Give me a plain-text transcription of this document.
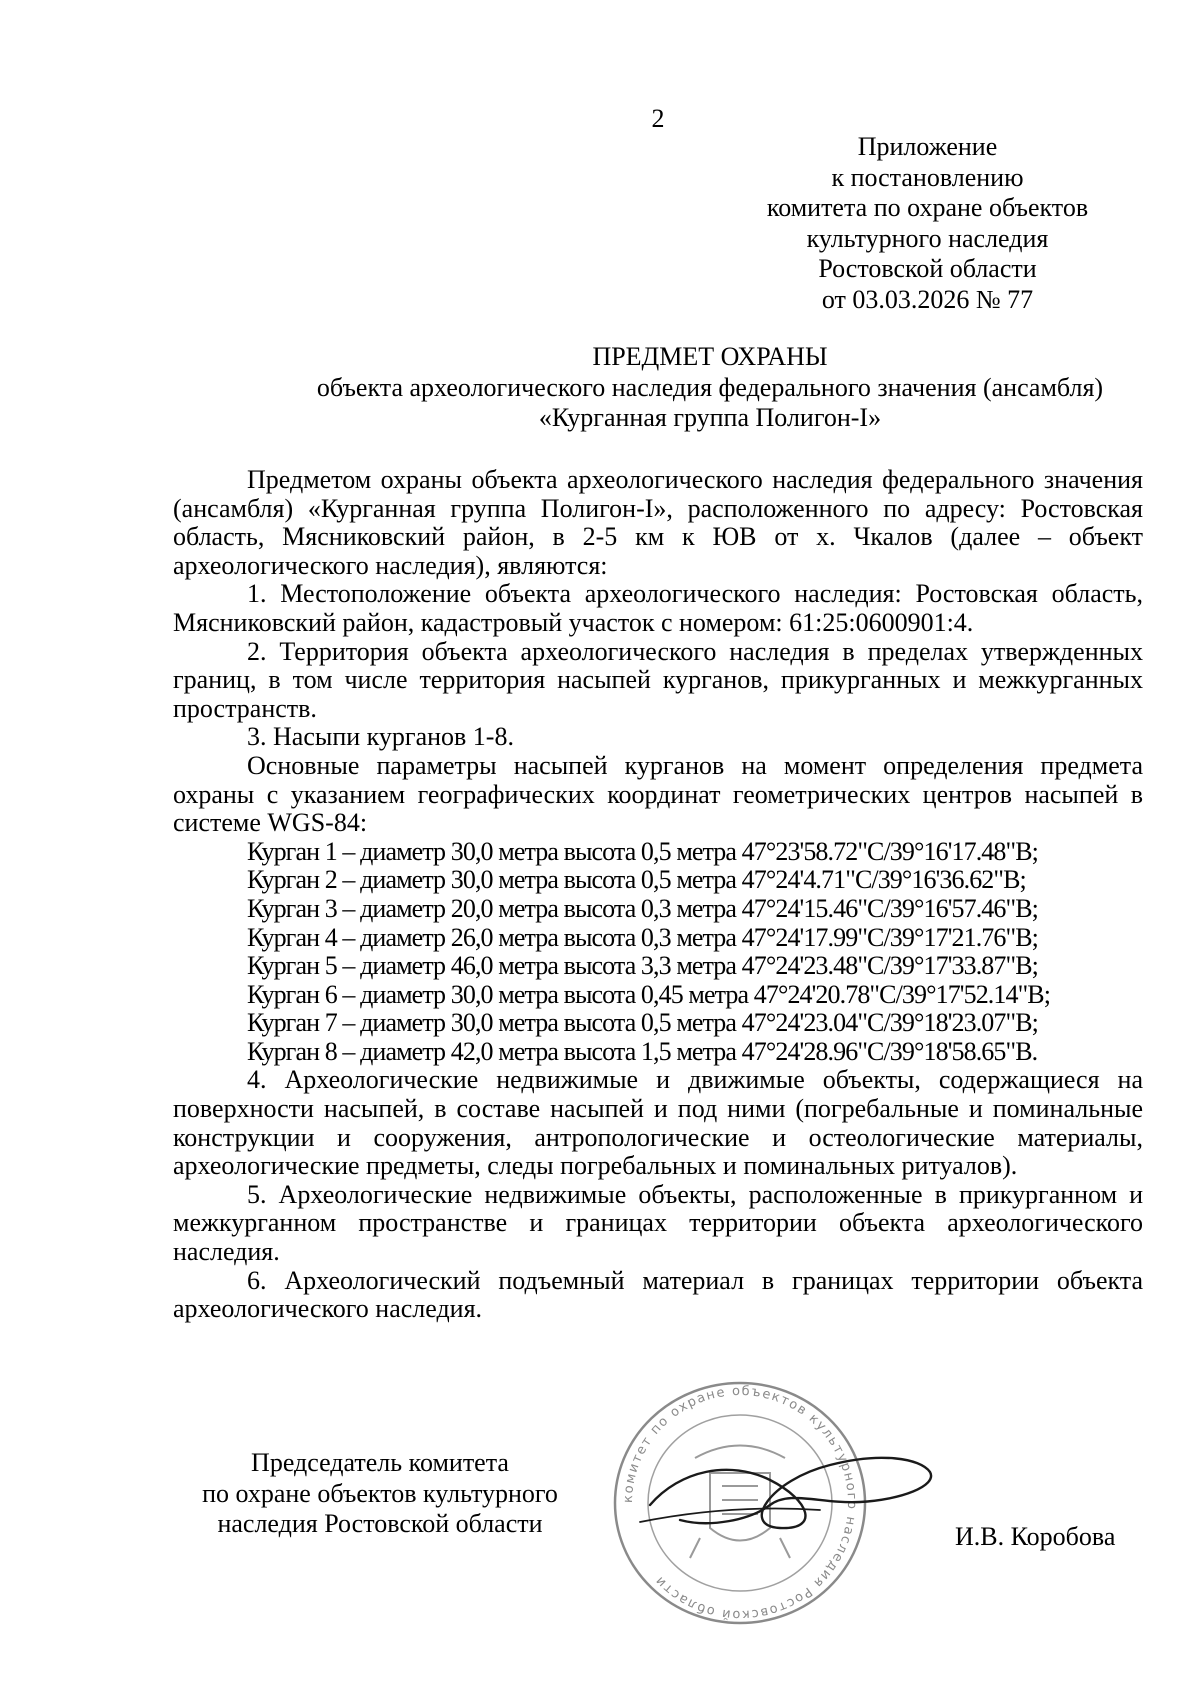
2
Приложение
к постановлению
комитета по охране объектов
культурного наследия
Ростовской области
от 03.03.2026 № 77
ПРЕДМЕТ ОХРАНЫ
объекта археологического наследия федерального значения (ансамбля)
«Курганная группа Полигон-I»

Предметом охраны объекта археологического наследия федерального значения (ансамбля) «Курганная группа Полигон-I», расположенного по адресу: Ростовская область, Мясниковский район, в 2-5 км к ЮВ от х. Чкалов (далее – объект археологического наследия), являются:

1. Местоположение объекта археологического наследия: Ростовская область, Мясниковский район, кадастровый участок с номером: 61:25:0600901:4.

2. Территория объекта археологического наследия в пределах утвержденных границ, в том числе территория насыпей курганов, прикурганных и межкурганных пространств.

3. Насыпи курганов 1-8.

Основные параметры насыпей курганов на момент определения предмета охраны с указанием географических координат геометрических центров насыпей в системе WGS-84:

Курган 1 – диаметр 30,0 метра высота 0,5 метра 47°23'58.72"С/39°16'17.48"В;

Курган 2 – диаметр 30,0 метра высота 0,5 метра 47°24'4.71"С/39°16'36.62"В;

Курган 3 – диаметр 20,0 метра высота 0,3 метра 47°24'15.46"С/39°16'57.46"В;

Курган 4 – диаметр 26,0 метра высота 0,3 метра 47°24'17.99"С/39°17'21.76"В;

Курган 5 – диаметр 46,0 метра высота 3,3 метра 47°24'23.48"С/39°17'33.87"В;

Курган 6 – диаметр 30,0 метра высота 0,45 метра 47°24'20.78"С/39°17'52.14"В;

Курган 7 – диаметр 30,0 метра высота 0,5 метра 47°24'23.04"С/39°18'23.07"В;

Курган 8 – диаметр 42,0 метра высота 1,5 метра 47°24'28.96"С/39°18'58.65"В.

4. Археологические недвижимые и движимые объекты, содержащиеся на поверхности насыпей, в составе насыпей и под ними (погребальные и поминальные конструкции и сооружения, антропологические и остеологические материалы, археологические предметы, следы погребальных и поминальных ритуалов).

5. Археологические недвижимые объекты, расположенные в прикурганном и межкурганном пространстве и границах территории объекта археологического наследия.

6. Археологический подъемный материал в границах территории объекта археологического наследия.

комитет по охране объектов культурного наследия Ростовской области
Председатель комитета
по охране объектов культурного
наследия Ростовской области	И.В. Коробова
